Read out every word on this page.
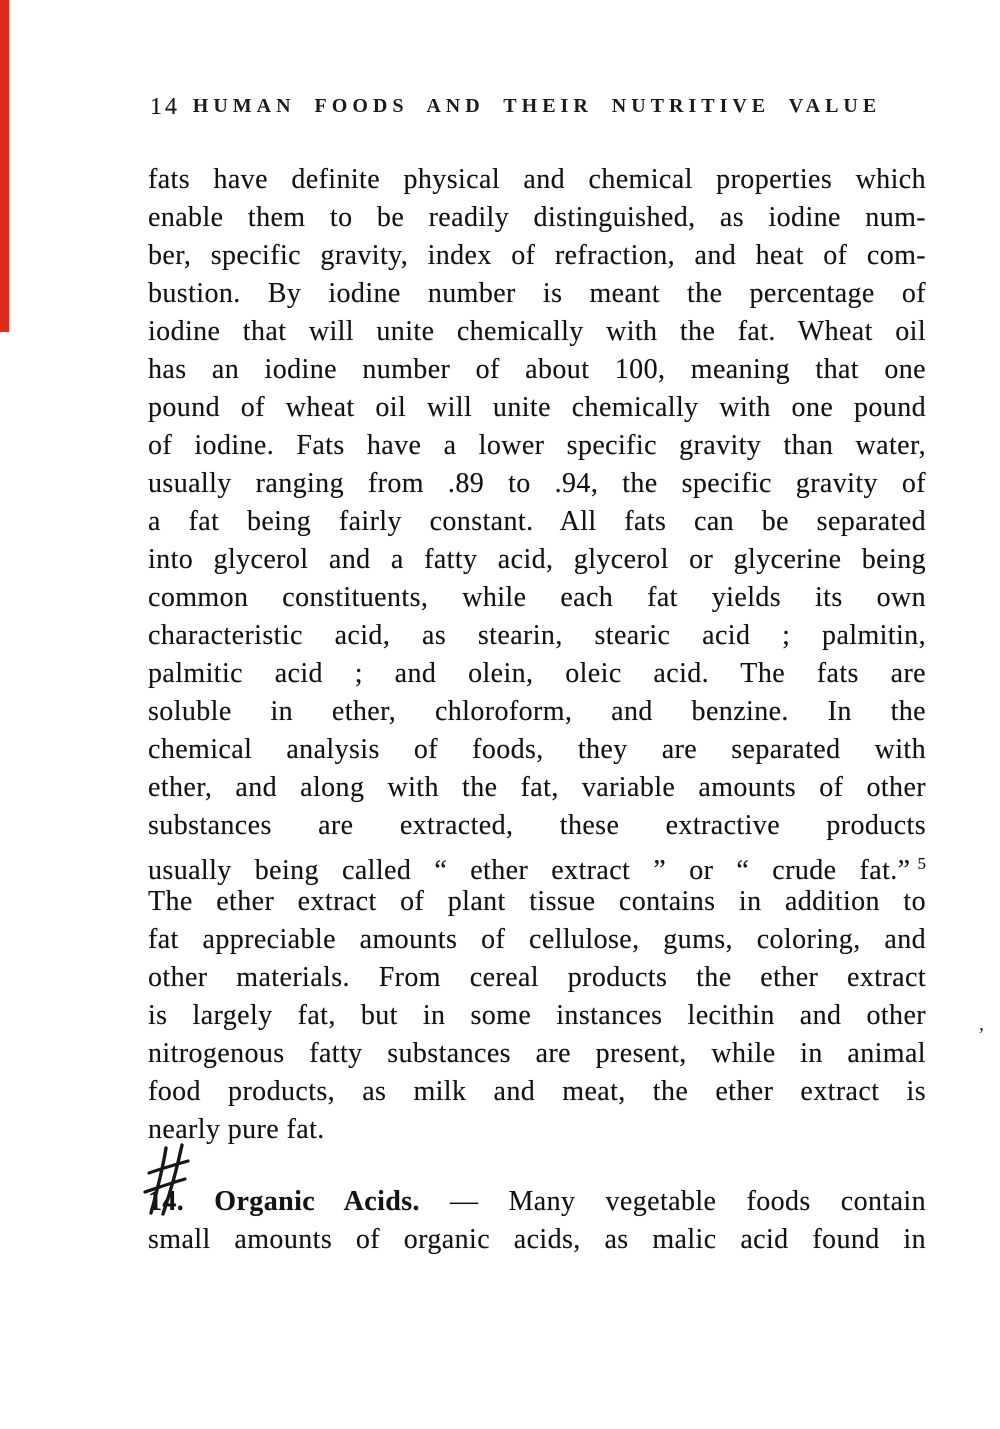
14 HUMAN FOODS AND THEIR NUTRITIVE VALUE
fats have definite physical and chemical properties which
enable them to be readily distinguished, as iodine num-
ber, specific gravity, index of refraction, and heat of com-
bustion. By iodine number is meant the percentage of
iodine that will unite chemically with the fat. Wheat oil
has an iodine number of about 100, meaning that one
pound of wheat oil will unite chemically with one pound
of iodine. Fats have a lower specific gravity than water,
usually ranging from .89 to .94, the specific gravity of
a fat being fairly constant. All fats can be separated
into glycerol and a fatty acid, glycerol or glycerine being
common constituents, while each fat yields its own
characteristic acid, as stearin, stearic acid ; palmitin,
palmitic acid ; and olein, oleic acid. The fats are
soluble in ether, chloroform, and benzine. In the
chemical analysis of foods, they are separated with
ether, and along with the fat, variable amounts of other
substances are extracted, these extractive products
usually being called “ ether extract ” or “ crude fat.” $^5$
The ether extract of plant tissue contains in addition to
fat appreciable amounts of cellulose, gums, coloring, and
other materials. From cereal products the ether extract
is largely fat, but in some instances lecithin and other
nitrogenous fatty substances are present, while in animal
food products, as milk and meat, the ether extract is
nearly pure fat.
14. Organic Acids. — Many vegetable foods contain
small amounts of organic acids, as malic acid found in
’
